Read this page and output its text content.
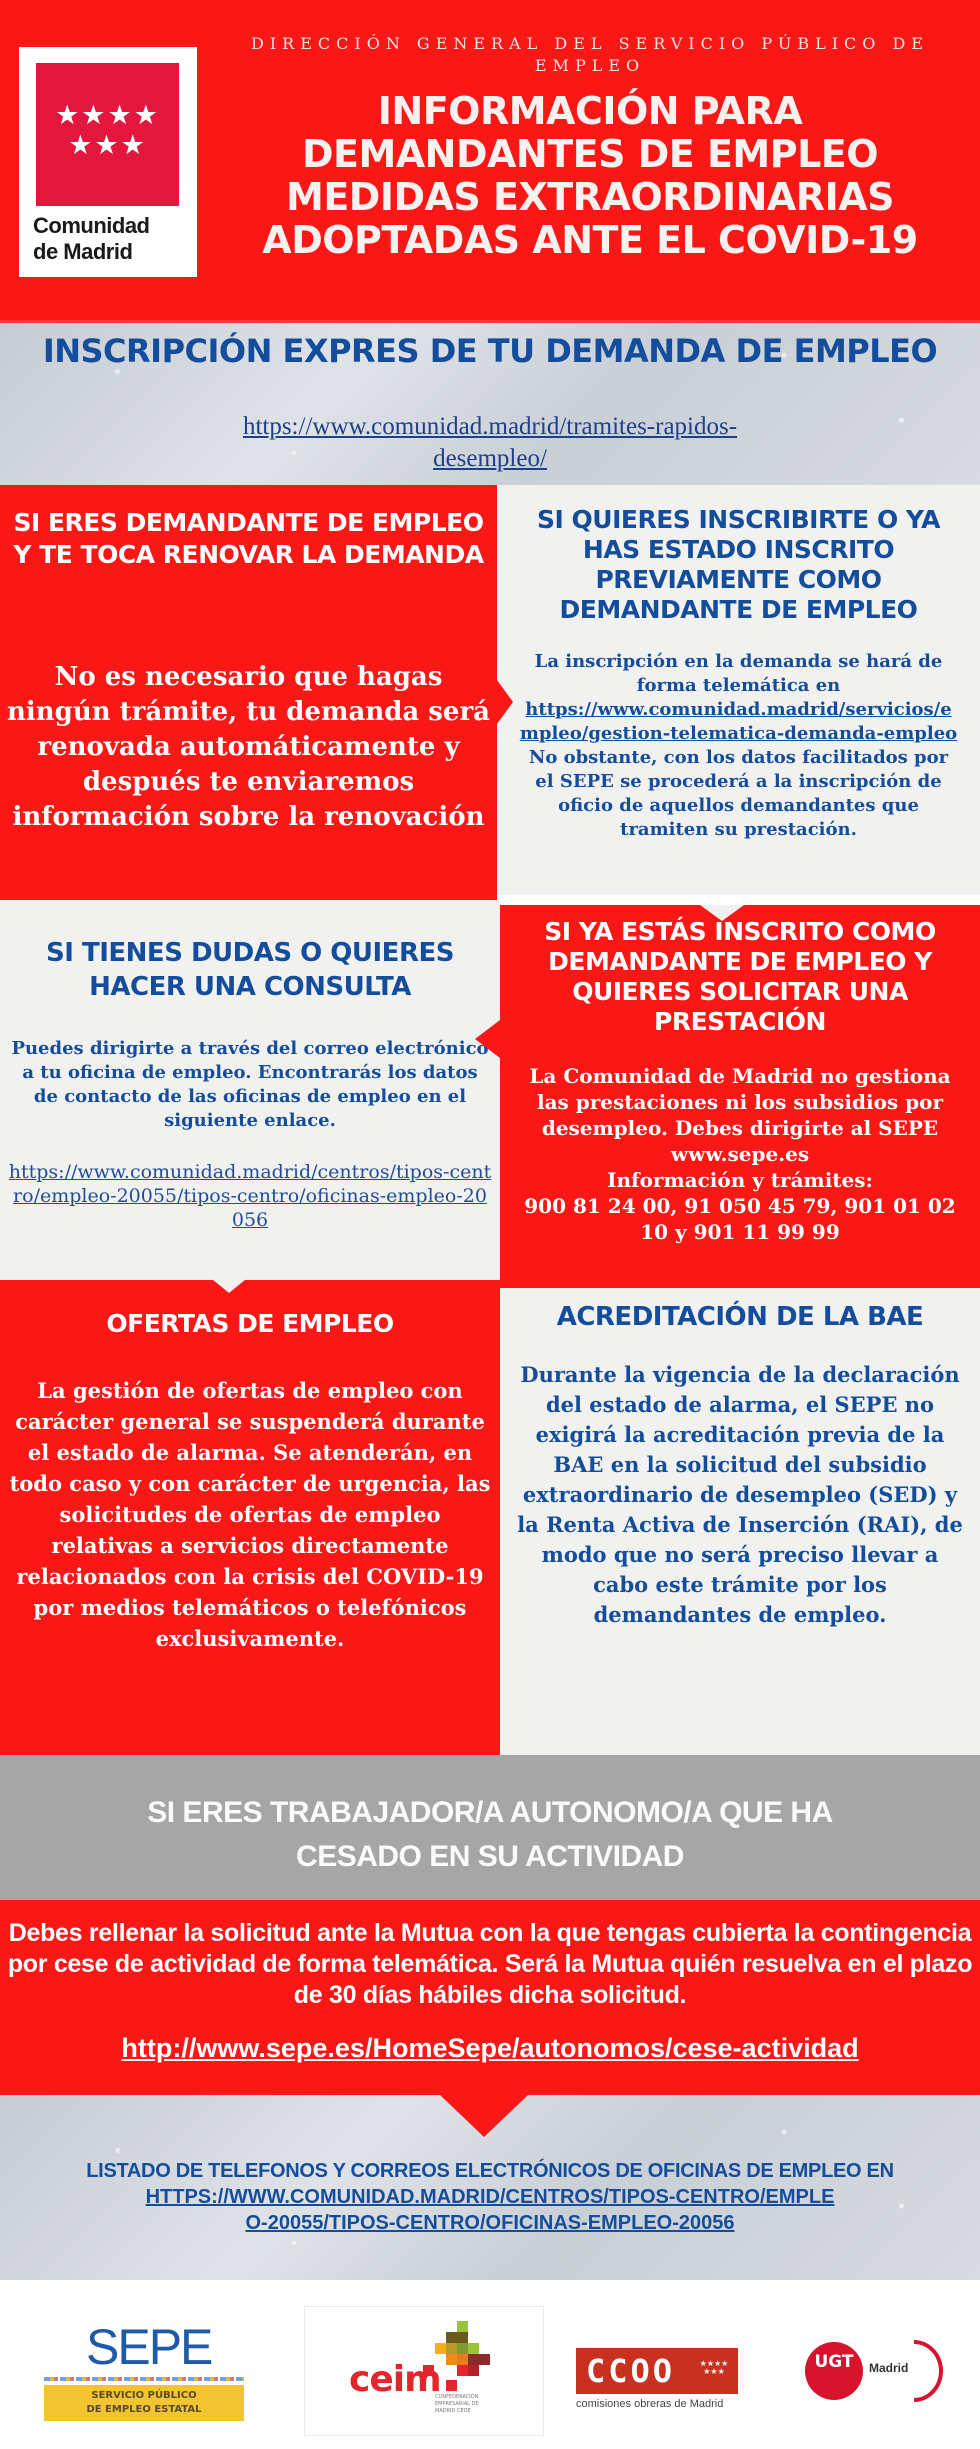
★★★★
★★★
Comunidad
de Madrid
DIRECCIÓN GENERAL DEL SERVICIO PÚBLICO DE EMPLEO
INFORMACIÓN PARA DEMANDANTES DE EMPLEO MEDIDAS EXTRAORDINARIAS ADOPTADAS ANTE EL COVID-19
INSCRIPCIÓN EXPRES DE TU DEMANDA DE EMPLEO
https://www.comunidad.madrid/tramites-rapidos-desempleo/
SI ERES DEMANDANTE DE EMPLEO Y TE TOCA RENOVAR LA DEMANDA

No es necesario que hagas ningún trámite, tu demanda será renovada automáticamente y después te enviaremos información sobre la renovación

SI QUIERES INSCRIBIRTE O YA HAS ESTADO INSCRITO PREVIAMENTE COMO DEMANDANTE DE EMPLEO

La inscripción en la demanda se hará de forma telemática en

https://www.comunidad.madrid/servicios/empleo/gestion-telematica-demanda-empleo

No obstante, con los datos facilitados por el SEPE se procederá a la inscripción de oficio de aquellos demandantes que tramiten su prestación.

SI TIENES DUDAS O QUIERES HACER UNA CONSULTA

Puedes dirigirte a través del correo electrónico a tu oficina de empleo. Encontrarás los datos de contacto de las oficinas de empleo en el siguiente enlace.

https://www.comunidad.madrid/centros/tipos-centro/empleo-20055/tipos-centro/oficinas-empleo-20056
SI YA ESTÁS INSCRITO COMO DEMANDANTE DE EMPLEO Y QUIERES SOLICITAR UNA PRESTACIÓN

La Comunidad de Madrid no gestiona las prestaciones ni los subsidios por desempleo. Debes dirigirte al SEPE www.sepe.es

Información y trámites:

900 81 24 00, 91 050 45 79, 901 01 02 10 y 901 11 99 99

OFERTAS DE EMPLEO

La gestión de ofertas de empleo con carácter general se suspenderá durante el estado de alarma. Se atenderán, en todo caso y con carácter de urgencia, las solicitudes de ofertas de empleo relativas a servicios directamente relacionados con la crisis del COVID-19 por medios telemáticos o telefónicos exclusivamente.

ACREDITACIÓN DE LA BAE

Durante la vigencia de la declaración del estado de alarma, el SEPE no exigirá la acreditación previa de la BAE en la solicitud del subsidio extraordinario de desempleo (SED) y la Renta Activa de Inserción (RAI), de modo que no será preciso llevar a cabo este trámite por los demandantes de empleo.

SI ERES TRABAJADOR/A AUTONOMO/A QUE HA CESADO EN SU ACTIVIDAD

Debes rellenar la solicitud ante la Mutua con la que tengas cubierta la contingencia por cese de actividad de forma telemática. Será la Mutua quién resuelva en el plazo de 30 días hábiles dicha solicitud.

http://www.sepe.es/HomeSepe/autonomos/cese-actividad
LISTADO DE TELEFONOS Y CORREOS ELECTRÓNICOS DE OFICINAS DE EMPLEO EN
HTTPS://WWW.COMUNIDAD.MADRID/CENTROS/TIPOS-CENTRO/EMPLEO-20055/TIPOS-CENTRO/OFICINAS-EMPLEO-20056
SEPE
SERVICIO PÚBLICO
DE EMPLEO ESTATAL
ceim
CONFEDERACIÓN EMPRESARIAL DE MADRID CEOE
CCOO	★★★★ ★★★
comisiones obreras de Madrid
UGT	Madrid
